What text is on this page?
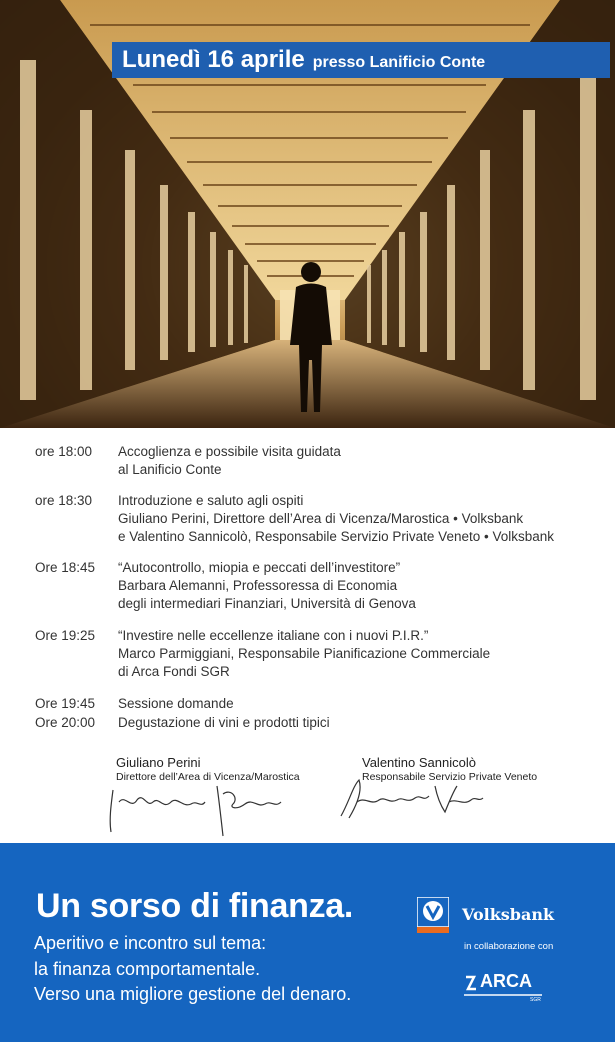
Lunedì 16 aprile presso Lanificio Conte
ore 18:00	Accoglienza e possibile visita guidata
al Lanificio Conte
ore 18:30	Introduzione e saluto agli ospiti
Giuliano Perini, Direttore dell’Area di Vicenza/Marostica • Volksbank
e Valentino Sannicolò, Responsabile Servizio Private Veneto • Volksbank
Ore 18:45	“Autocontrollo, miopia e peccati dell’investitore”
Barbara Alemanni, Professoressa di Economia
degli intermediari Finanziari, Università di Genova
Ore 19:25	“Investire nelle eccellenze italiane con i nuovi P.I.R.”
Marco Parmiggiani, Responsabile Pianificazione Commerciale
di Arca Fondi SGR
Ore 19:45	Sessione domande
Ore 20:00	Degustazione di vini e prodotti tipici
Giuliano Perini
Direttore dell’Area di Vicenza/Marostica
Valentino Sannicolò
Responsabile Servizio Private Veneto
Un sorso di finanza.
Aperitivo e incontro sul tema:
la finanza comportamentale.
Verso una migliore gestione del denaro.
Volksbank
in collaborazione con
ARCA
SGR
